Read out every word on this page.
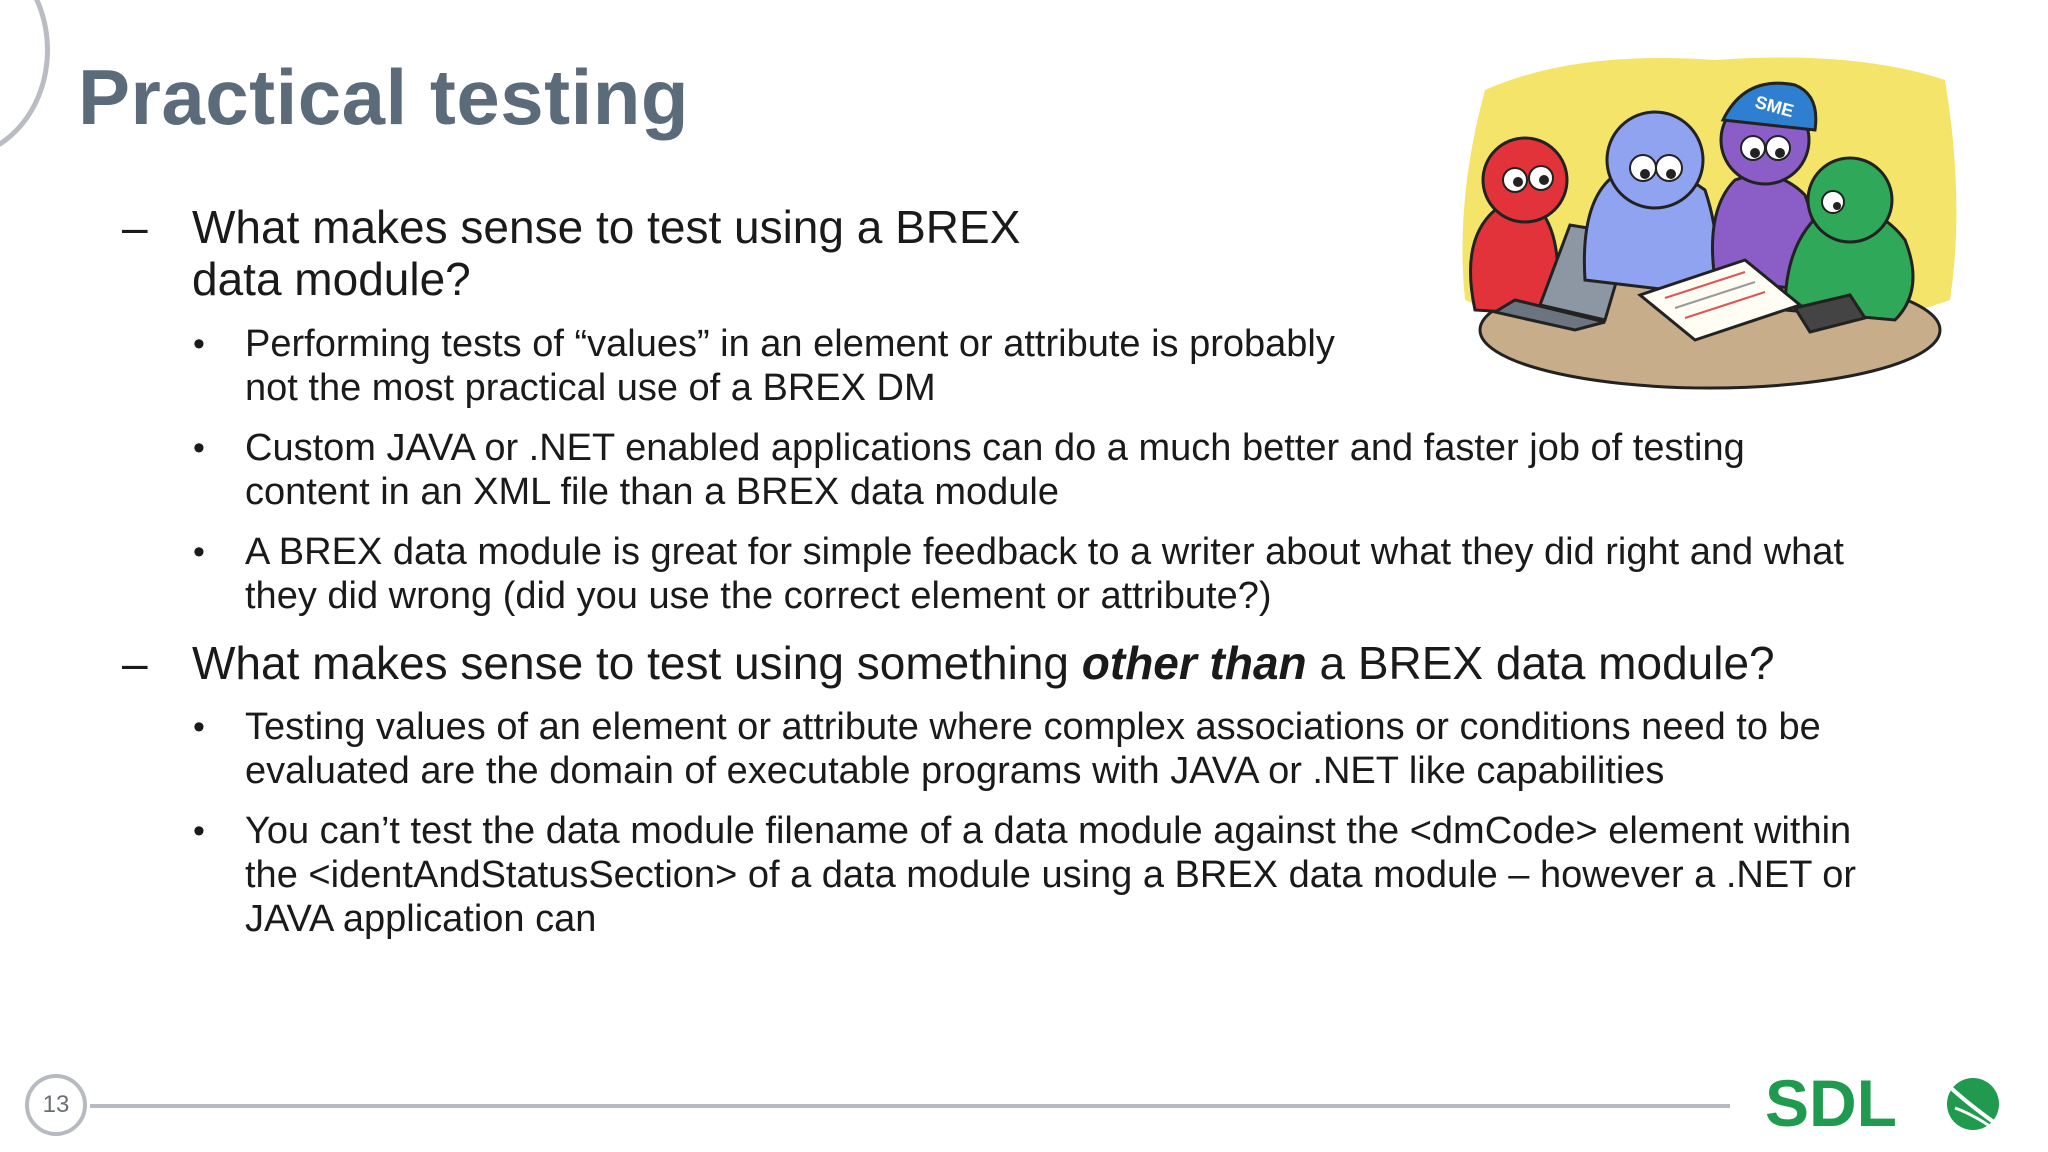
Practical testing
– What makes sense to test using a BREX
data module?
• Performing tests of “values” in an element or attribute is probably
not the most practical use of a BREX DM
• Custom JAVA or .NET enabled applications can do a much better and faster job of testing
content in an XML file than a BREX data module
• A BREX data module is great for simple feedback to a writer about what they did right and what
they did wrong (did you use the correct element or attribute?)
– What makes sense to test using something other than a BREX data module?
• Testing values of an element or attribute where complex associations or conditions need to be
evaluated are the domain of executable programs with JAVA or .NET like capabilities
• You can’t test the data module filename of a data module against the <dmCode> element within
the <identAndStatusSection> of a data module using a BREX data module – however a .NET or
JAVA application can
SME
13	SDL
